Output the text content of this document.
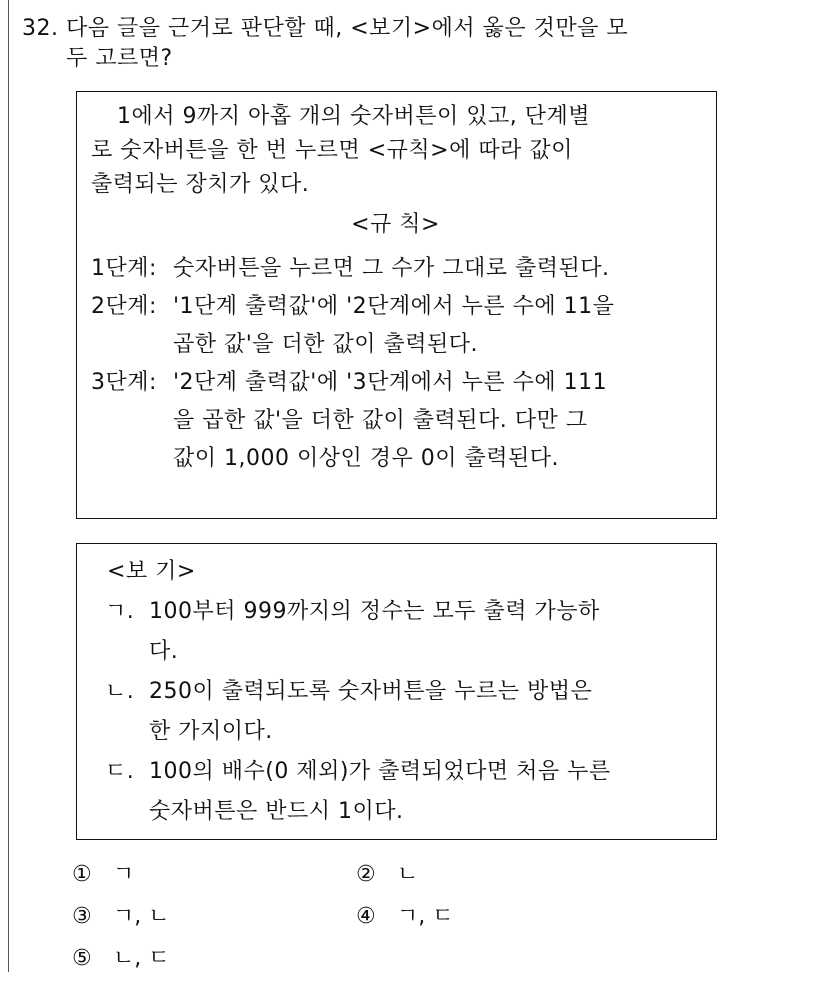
32. 다음 글을 근거로 판단할 때, <보기>에서 옳은 것만을 모
두 고르면?
1에서 9까지 아홉 개의 숫자버튼이 있고, 단계별
로 숫자버튼을 한 번 누르면 <규칙>에 따라 값이
출력되는 장치가 있다.
<규 칙>
1단계: 숫자버튼을 누르면 그 수가 그대로 출력된다.
2단계: '1단계 출력값'에 '2단계에서 누른 수에 11을
곱한 값'을 더한 값이 출력된다.
3단계: '2단계 출력값'에 '3단계에서 누른 수에 111
을 곱한 값'을 더한 값이 출력된다. 다만 그
값이 1,000 이상인 경우 0이 출력된다.
<보 기>
ㄱ. 100부터 999까지의 정수는 모두 출력 가능하
다.
ㄴ. 250이 출력되도록 숫자버튼을 누르는 방법은
한 가지이다.
ㄷ. 100의 배수(0 제외)가 출력되었다면 처음 누른
숫자버튼은 반드시 1이다.
① ㄱ	② ㄴ
③ ㄱ, ㄴ	④ ㄱ, ㄷ
⑤ ㄴ, ㄷ
